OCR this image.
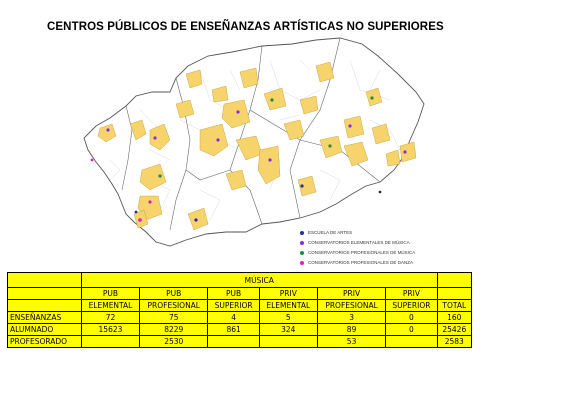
CENTROS PÚBLICOS DE ENSEÑANZAS ARTÍSTICAS NO SUPERIORES
ESCUELA DE ARTES
CONSERVATORIOS ELEMENTALES DE MÚSICA
CONSERVATORIOS PROFESIONALES DE MÚSICA
CONSERVATORIOS PROFESIONALES DE DANZA
	MÚSICA						
	PUB	PUB	PUB	PRIV	PRIV	PRIV	
	ELEMENTAL	PROFESIONAL	SUPERIOR	ELEMENTAL	PROFESIONAL	SUPERIOR	TOTAL
ENSEÑANZAS	72	75	4	5	3	0	160
ALUMNADO	15623	8229	861	324	89	0	25426
PROFESORADO		2530			53		2583
